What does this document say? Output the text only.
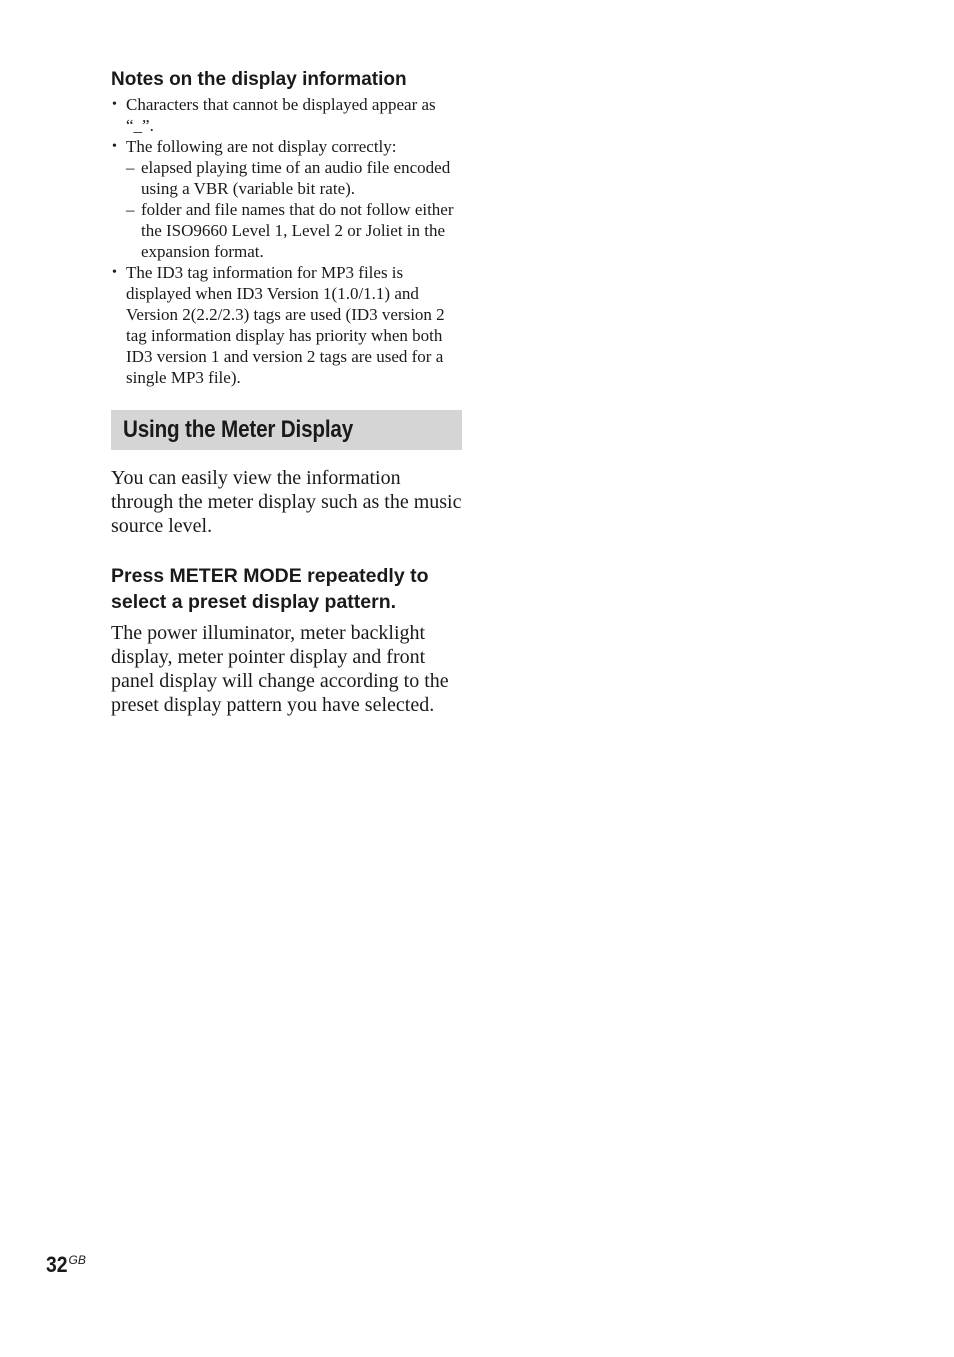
Notes on the display information
• Characters that cannot be displayed appear as “_”.
• The following are not display correctly:
– elapsed playing time of an audio file encoded using a VBR (variable bit rate).
– folder and file names that do not follow either the ISO9660 Level 1, Level 2 or Joliet in the expansion format.
• The ID3 tag information for MP3 files is displayed when ID3 Version 1(1.0/1.1) and Version 2(2.2/2.3) tags are used (ID3 version 2 tag information display has priority when both ID3 version 1 and version 2 tags are used for a single MP3 file).
Using the Meter Display

You can easily view the information through the meter display such as the music source level.

Press METER MODE repeatedly to select a preset display pattern.

The power illuminator, meter backlight display, meter pointer display and front panel display will change according to the preset display pattern you have selected.

$32^{GB}$
